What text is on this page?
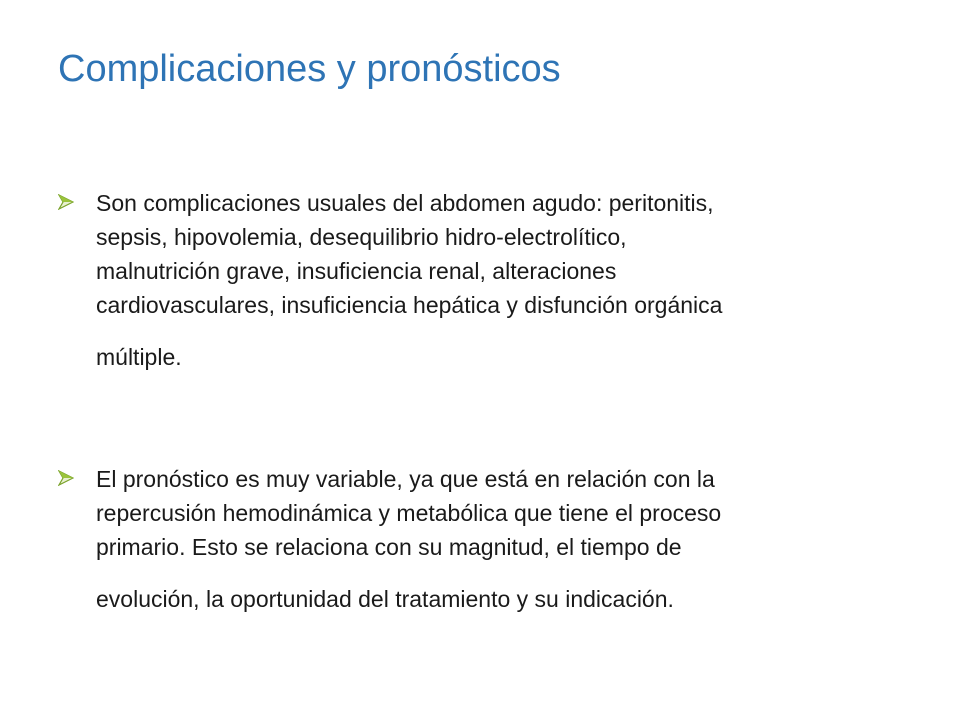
Complicaciones y pronósticos
Son complicaciones usuales del abdomen agudo: peritonitis,
sepsis, hipovolemia, desequilibrio hidro-electrolítico,
malnutrición grave, insuficiencia renal, alteraciones
cardiovasculares, insuficiencia hepática y disfunción orgánica
múltiple.
El pronóstico es muy variable, ya que está en relación con la
repercusión hemodinámica y metabólica que tiene el proceso
primario. Esto se relaciona con su magnitud, el tiempo de
evolución, la oportunidad del tratamiento y su indicación.
